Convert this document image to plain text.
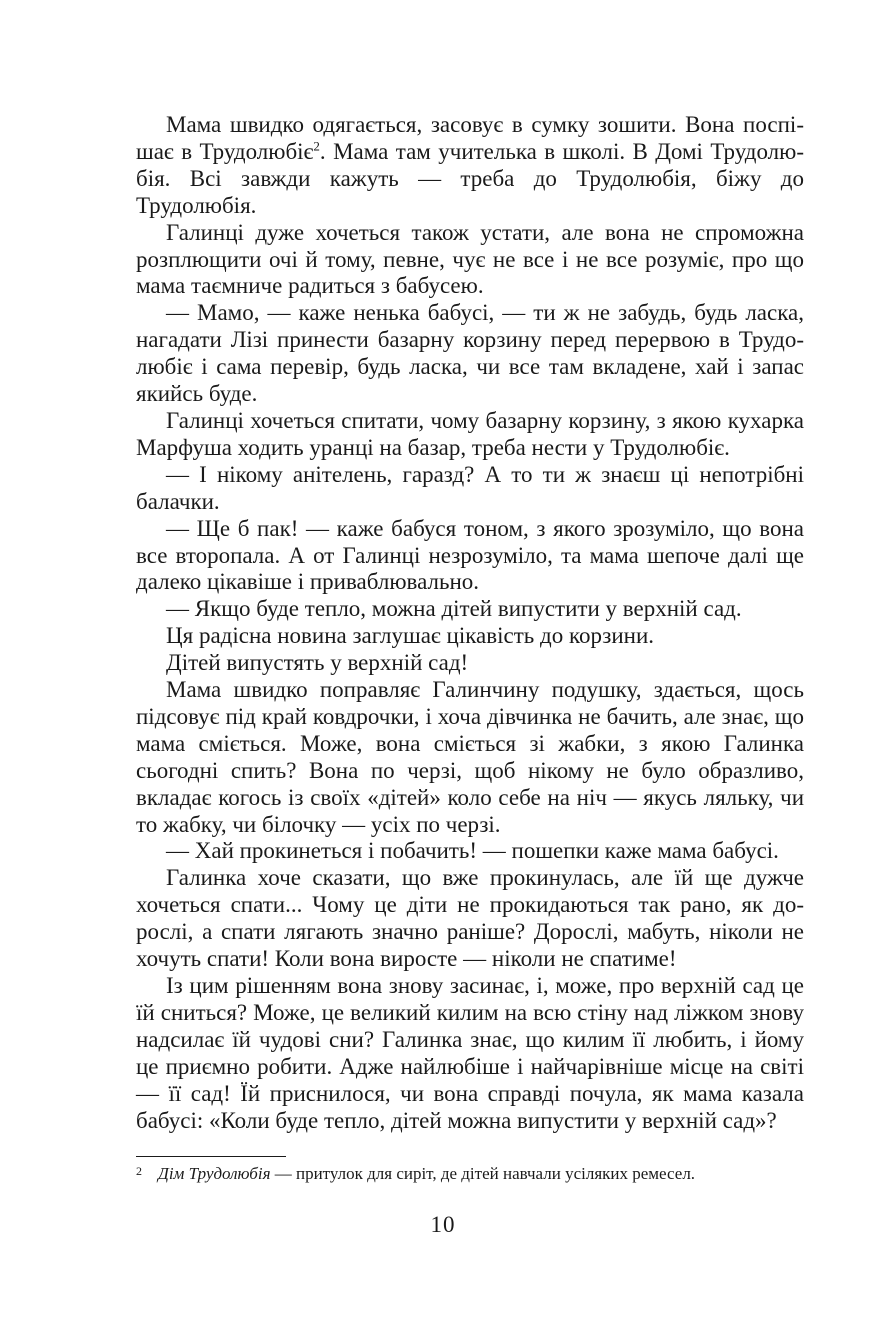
Мама швидко одягається, засовує в сумку зошити. Вона поспішає в Трудолюбіє$^2$. Мама там учителька в школі. В Домі Трудолюбія. Всі завжди кажуть — треба до Трудолюбія, біжу до Трудолюбія.

Галинці дуже хочеться також устати, але вона не спроможна розплющити очі й тому, певне, чує не все і не все розуміє, про що мама таємниче радиться з бабусею.

— Мамо, — каже ненька бабусі, — ти ж не забудь, будь ласка, нагадати Лізі принести базарну корзину перед перервою в Трудолюбіє і сама перевір, будь ласка, чи все там вкладене, хай і запас якийсь буде.

Галинці хочеться спитати, чому базарну корзину, з якою кухарка Марфуша ходить уранці на базар, треба нести у Трудолюбіє.

— І нікому анітелень, гаразд? А то ти ж знаєш ці непотрібні балачки.

— Ще б пак! — каже бабуся тоном, з якого зрозуміло, що вона все второпала. А от Галинці незрозуміло, та мама шепоче далі ще далеко цікавіше і приваблювально.

— Якщо буде тепло, можна дітей випустити у верхній сад.

Ця радісна новина заглушає цікавість до корзини.

Дітей випустять у верхній сад!

Мама швидко поправляє Галинчину подушку, здається, щось підсовує під край ковдрочки, і хоча дівчинка не бачить, але знає, що мама сміється. Може, вона сміється зі жабки, з якою Галинка сьогодні спить? Вона по черзі, щоб нікому не було образливо, вкладає когось із своїх «дітей» коло себе на ніч — якусь ляльку, чи то жабку, чи білочку — усіх по черзі.

— Хай прокинеться і побачить! — пошепки каже мама бабусі.

Галинка хоче сказати, що вже прокинулась, але їй ще дужче хочеться спати... Чому це діти не прокидаються так рано, як дорослі, а спати лягають значно раніше? Дорослі, мабуть, ніколи не хочуть спати! Коли вона виросте — ніколи не спатиме!

Із цим рішенням вона знову засинає, і, може, про верхній сад це їй сниться? Може, це великий килим на всю стіну над ліжком знову надсилає їй чудові сни? Галинка знає, що килим її любить, і йому це приємно робити. Адже найлюбіше і найчарівніше місце на світі — її сад! Їй приснилося, чи вона справді почула, як мама казала бабусі: «Коли буде тепло, дітей можна випустити у верхній сад»?

2 Дім Трудолюбія — притулок для сиріт, де дітей навчали усіляких ремесел.
10
